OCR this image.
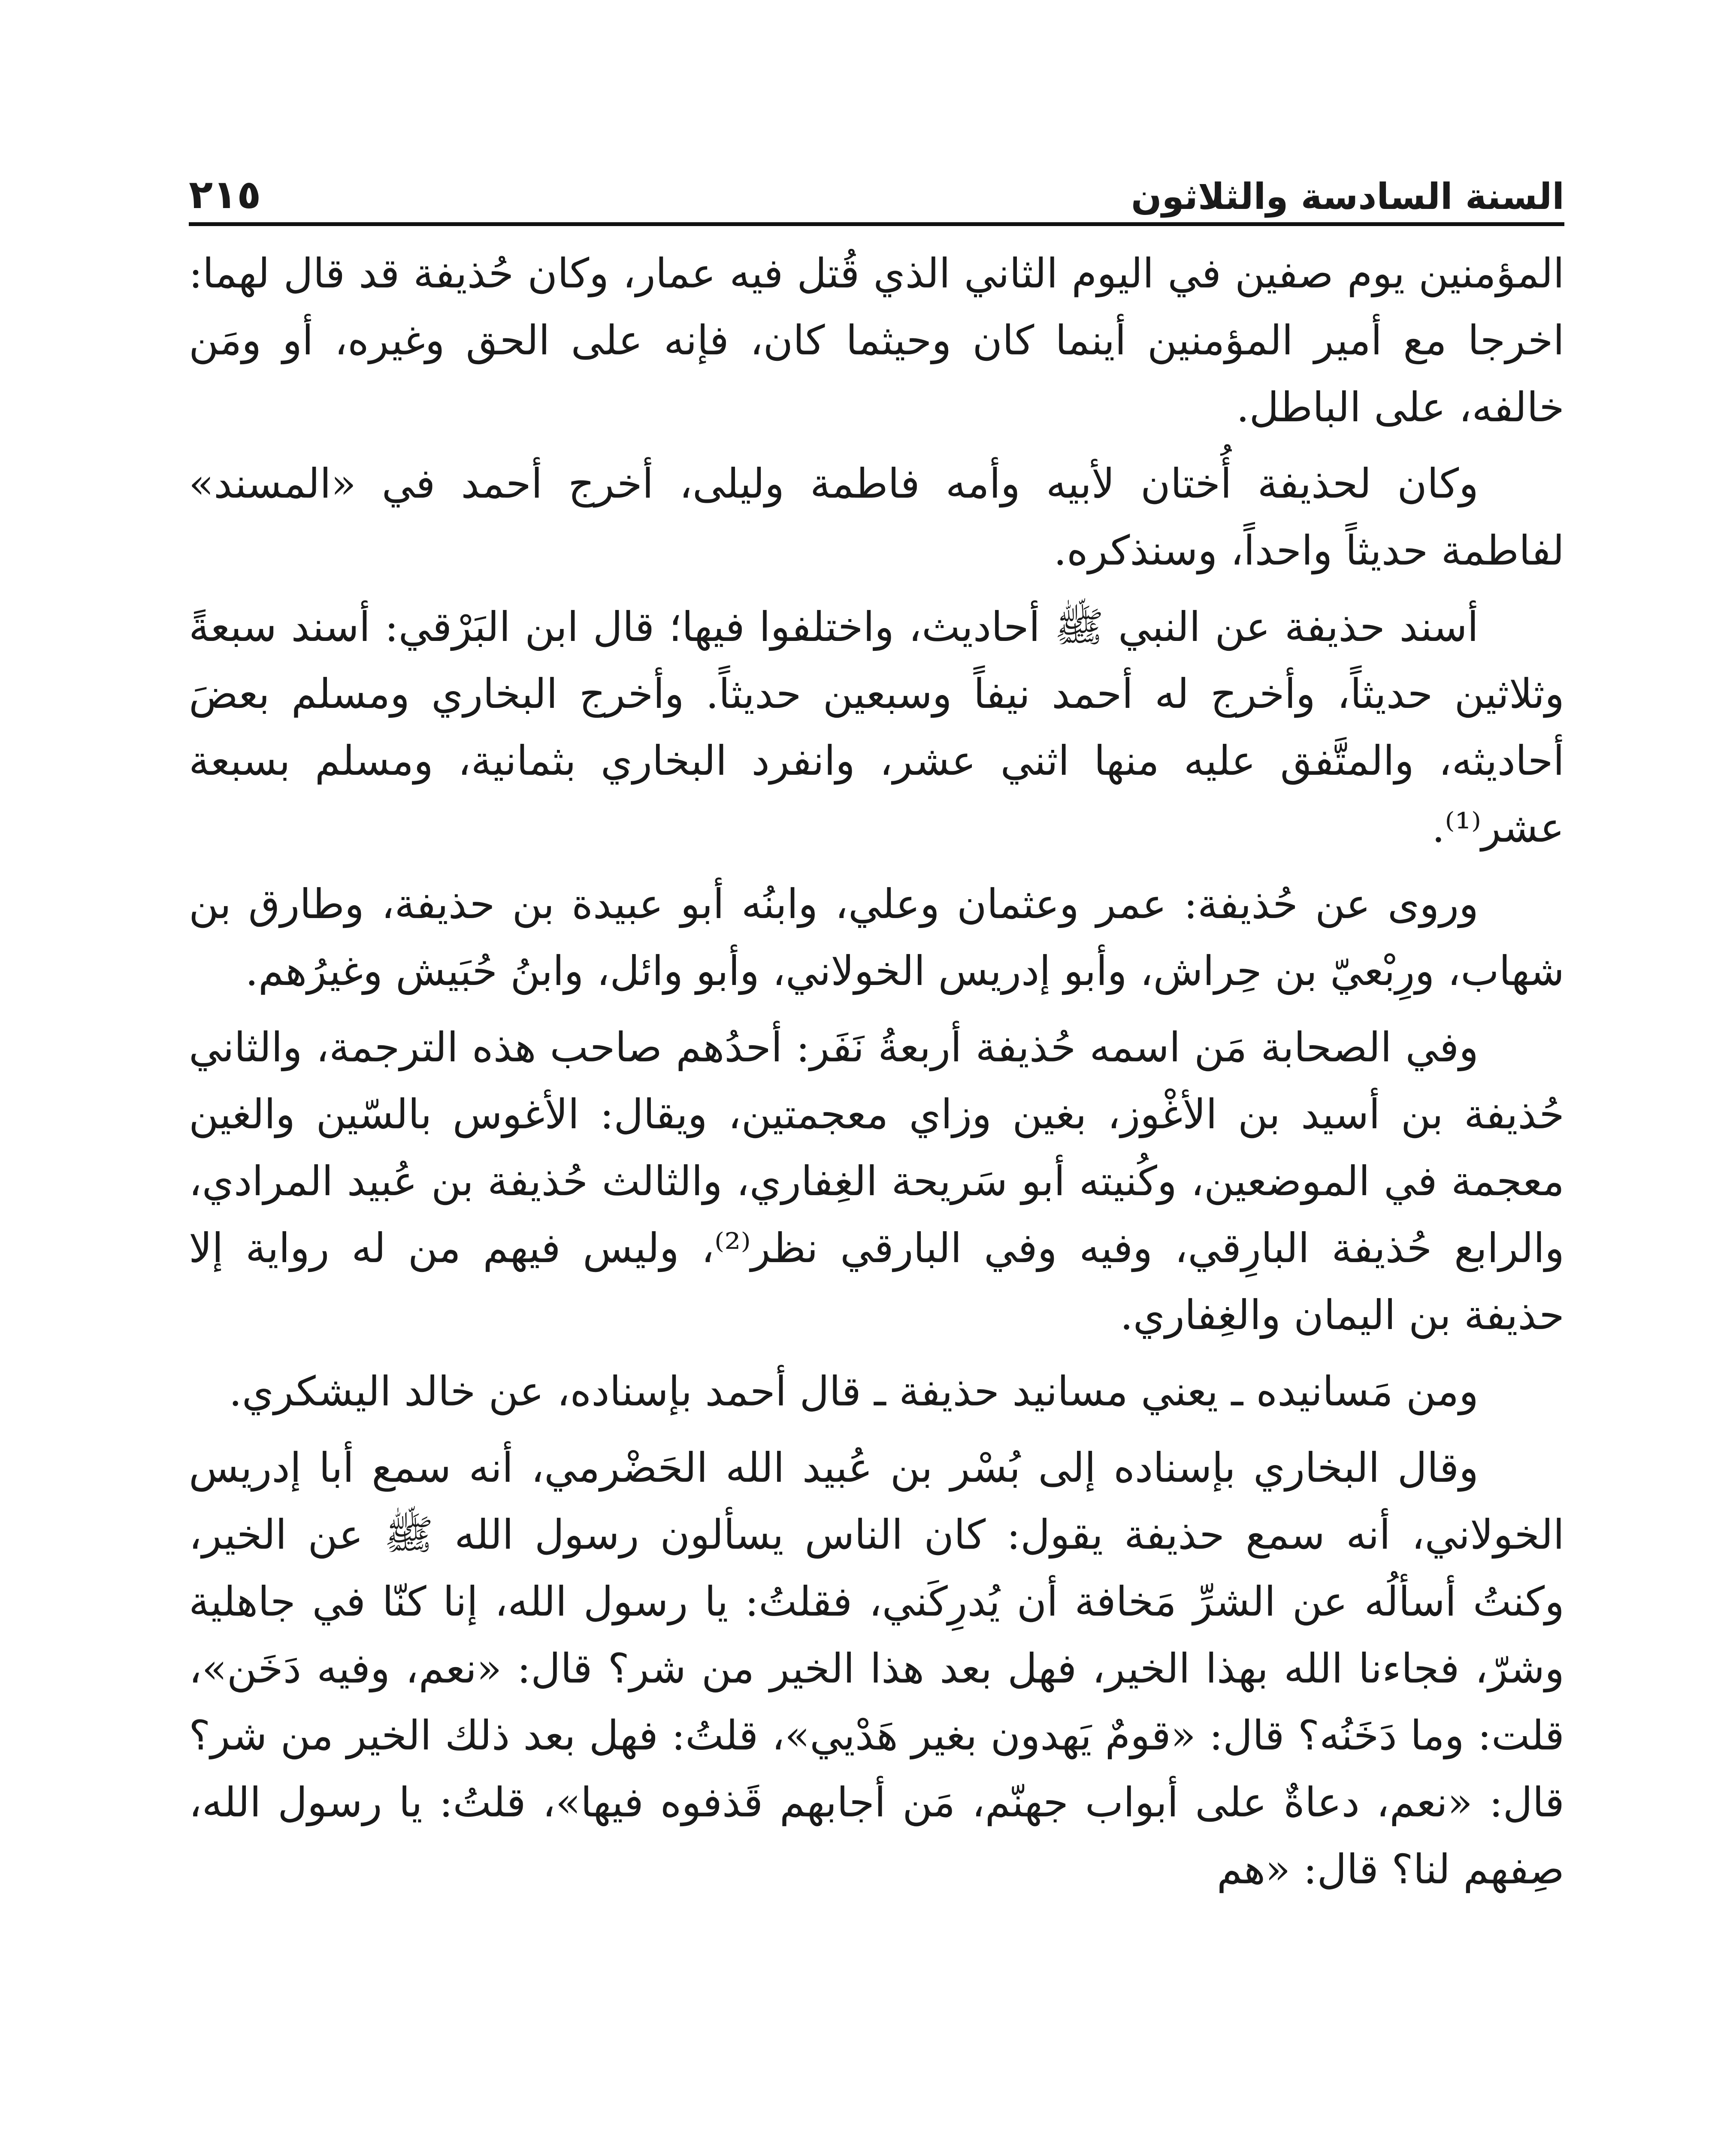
السنة السادسة والثلاثون
٢١٥

المؤمنين يوم صفين في اليوم الثاني الذي قُتل فيه عمار، وكان حُذيفة قد قال لهما: اخرجا مع أمير المؤمنين أينما كان وحيثما كان، فإنه على الحق وغيره، أو ومَن خالفه، على الباطل.

وكان لحذيفة أُختان لأبيه وأمه فاطمة وليلى، أخرج أحمد في «المسند» لفاطمة حديثاً واحداً، وسنذكره.

أسند حذيفة عن النبي ﷺ أحاديث، واختلفوا فيها؛ قال ابن البَرْقي: أسند سبعةً وثلاثين حديثاً، وأخرج له أحمد نيفاً وسبعين حديثاً. وأخرج البخاري ومسلم بعضَ أحاديثه، والمتَّفق عليه منها اثني عشر، وانفرد البخاري بثمانية، ومسلم بسبعة عشر⁽¹⁾.

وروى عن حُذيفة: عمر وعثمان وعلي، وابنُه أبو عبيدة بن حذيفة، وطارق بن شهاب، ورِبْعيّ بن حِراش، وأبو إدريس الخولاني، وأبو وائل، وابنُ حُبَيش وغيرُهم.

وفي الصحابة مَن اسمه حُذيفة أربعةُ نَفَر: أحدُهم صاحب هذه الترجمة، والثاني حُذيفة بن أسيد بن الأغْوز، بغين وزاي معجمتين، ويقال: الأغوس بالسّين والغين معجمة في الموضعين، وكُنيته أبو سَريحة الغِفاري، والثالث حُذيفة بن عُبيد المرادي، والرابع حُذيفة البارِقي، وفيه وفي البارقي نظر⁽²⁾، وليس فيهم من له رواية إلا حذيفة بن اليمان والغِفاري.

ومن مَسانيده ـ يعني مسانيد حذيفة ـ قال أحمد بإسناده، عن خالد اليشكري.

وقال البخاري بإسناده إلى بُسْر بن عُبيد الله الحَضْرمي، أنه سمع أبا إدريس الخولاني، أنه سمع حذيفة يقول: كان الناس يسألون رسول الله ﷺ عن الخير، وكنتُ أسألُه عن الشرِّ مَخافة أن يُدرِكَني، فقلتُ: يا رسول الله، إنا كنّا في جاهلية وشرّ، فجاءنا الله بهذا الخير، فهل بعد هذا الخير من شر؟ قال: «نعم، وفيه دَخَن»، قلت: وما دَخَنُه؟ قال: «قومٌ يَهدون بغير هَدْيي»، قلتُ: فهل بعد ذلك الخير من شر؟ قال: «نعم، دعاةٌ على أبواب جهنّم، مَن أجابهم قَذفوه فيها»، قلتُ: يا رسول الله، صِفهم لنا؟ قال: «هم
